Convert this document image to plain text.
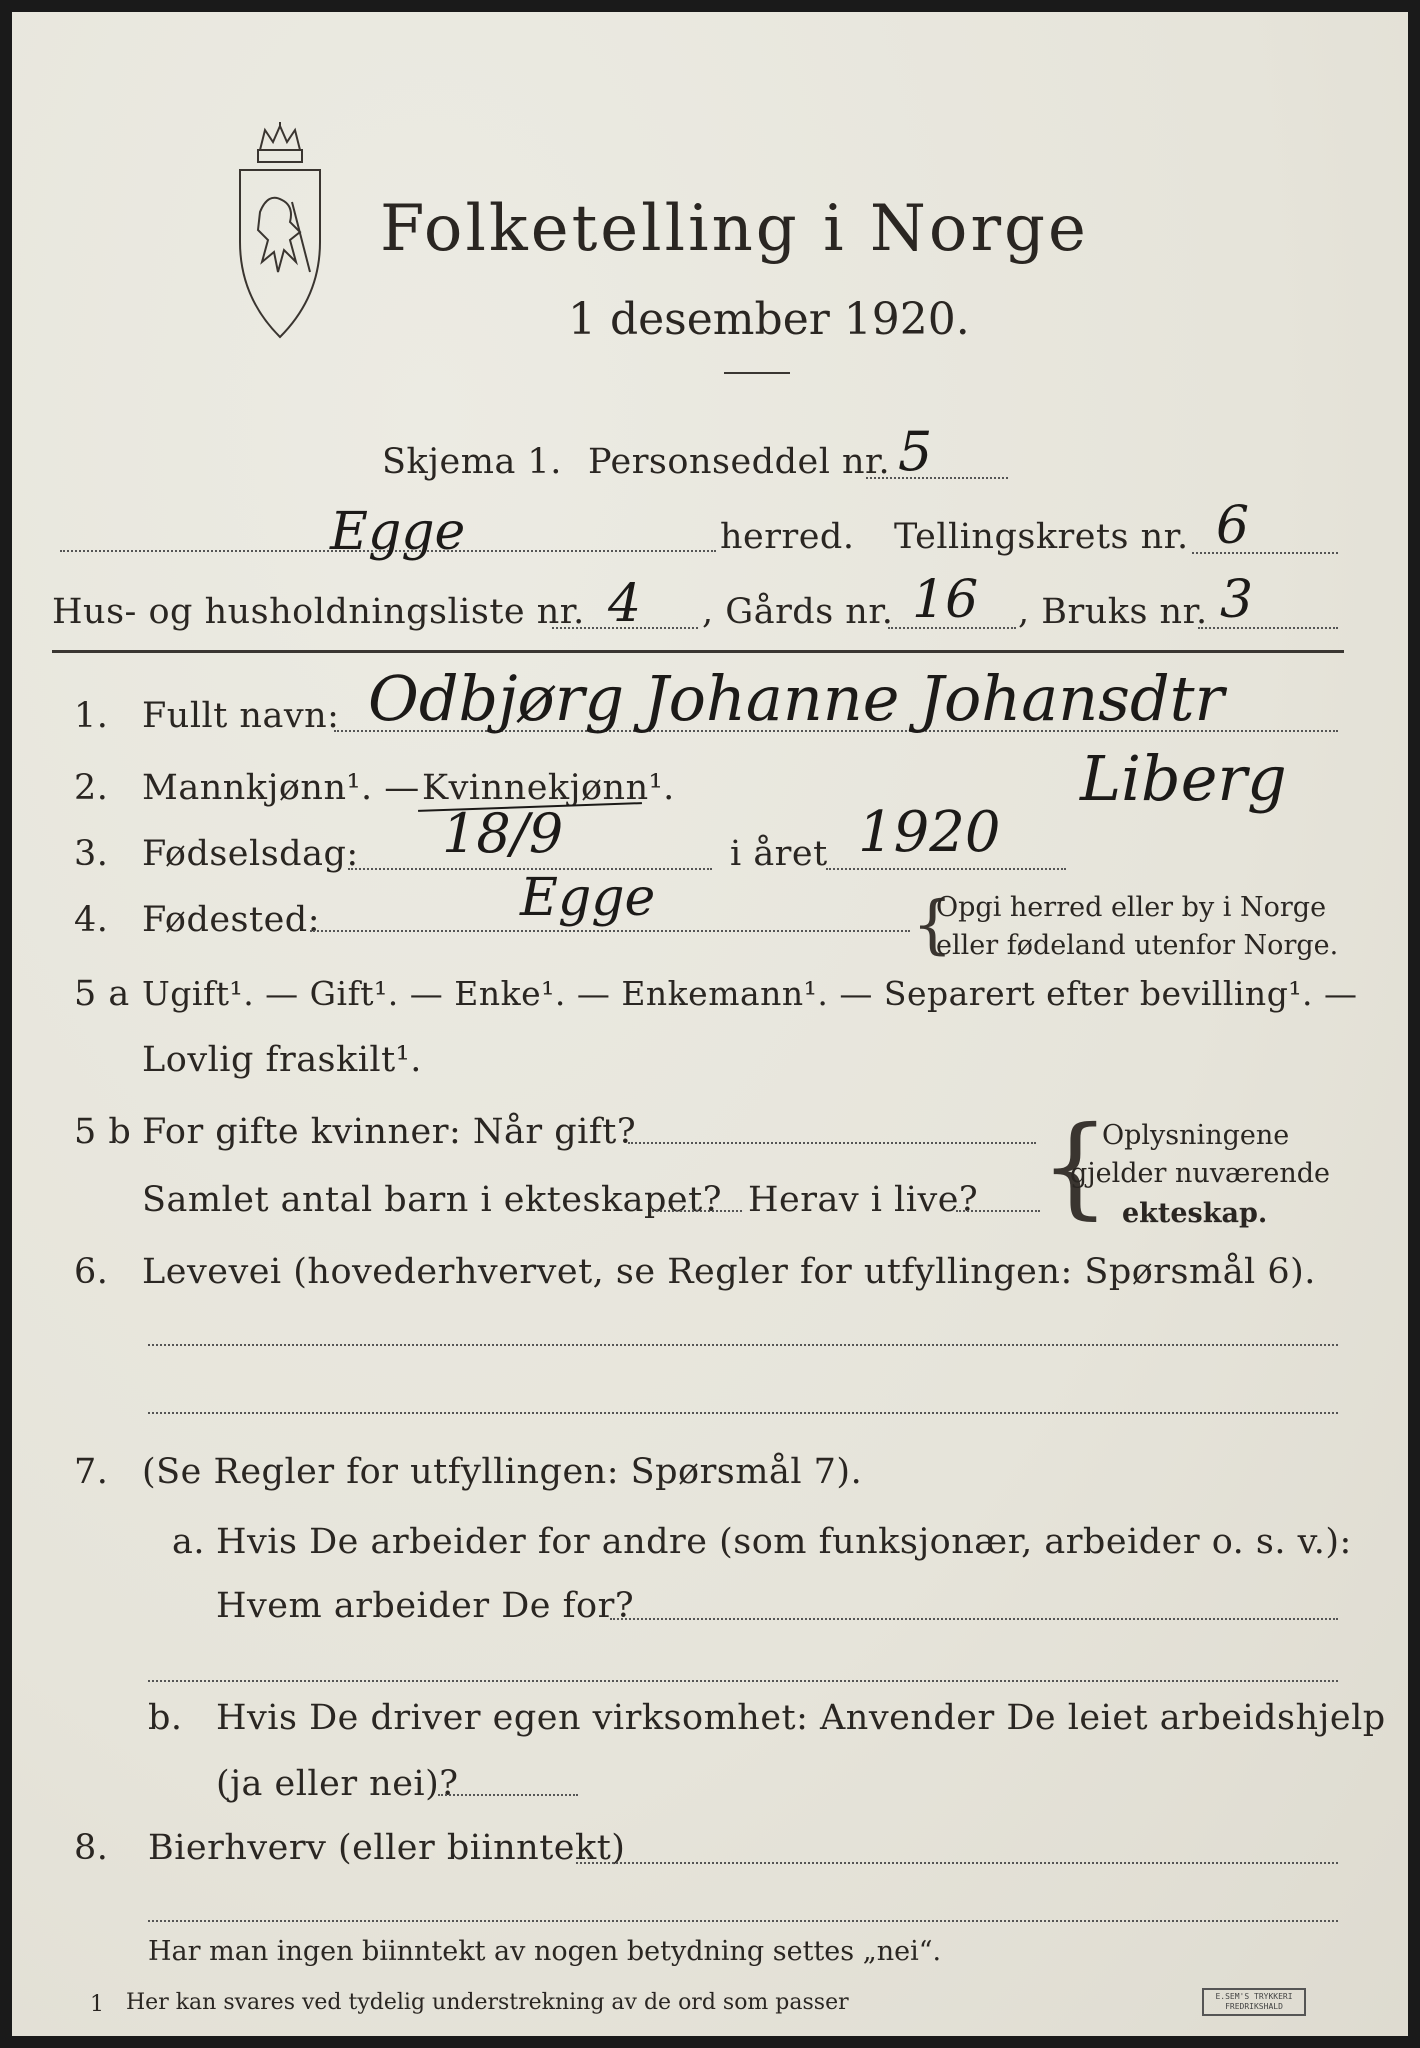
Folketelling i Norge
1 desember 1920.
Skjema 1. Personseddel nr. 5
Egge	herred. Tellingskrets nr. 6
Hus- og husholdningsliste nr. 4 , Gårds nr. 16 , Bruks nr. 3
1. Fullt navn: Odbjørg Johanne Johansdtr
2. Mannkjønn¹. — Kvinnekjønn¹.	Liberg
3. Fødselsdag: 18/9	i året 1920
4. Fødested:	Egge	{
Opgi herred eller by i Norge
eller fødeland utenfor Norge.
5 a Ugift¹. — Gift¹. — Enke¹. — Enkemann¹. — Separert efter bevilling¹. —
Lovlig fraskilt¹.
5 b For gifte kvinner: Når gift?
Samlet antal barn i ekteskapet? Herav i live? {
Oplysningene
gjelder nuværende
ekteskap.
6. Levevei (hovederhvervet, se Regler for utfyllingen: Spørsmål 6).
7. (Se Regler for utfyllingen: Spørsmål 7).
a. Hvis De arbeider for andre (som funksjonær, arbeider o. s. v.):
Hvem arbeider De for?
b. Hvis De driver egen virksomhet: Anvender De leiet arbeidshjelp
(ja eller nei)?
8. Bierhverv (eller biinntekt)
Har man ingen biinntekt av nogen betydning settes „nei“.
1 Her kan svares ved tydelig understrekning av de ord som passer	E.SEM'S TRYKKERI
FREDRIKSHALD
